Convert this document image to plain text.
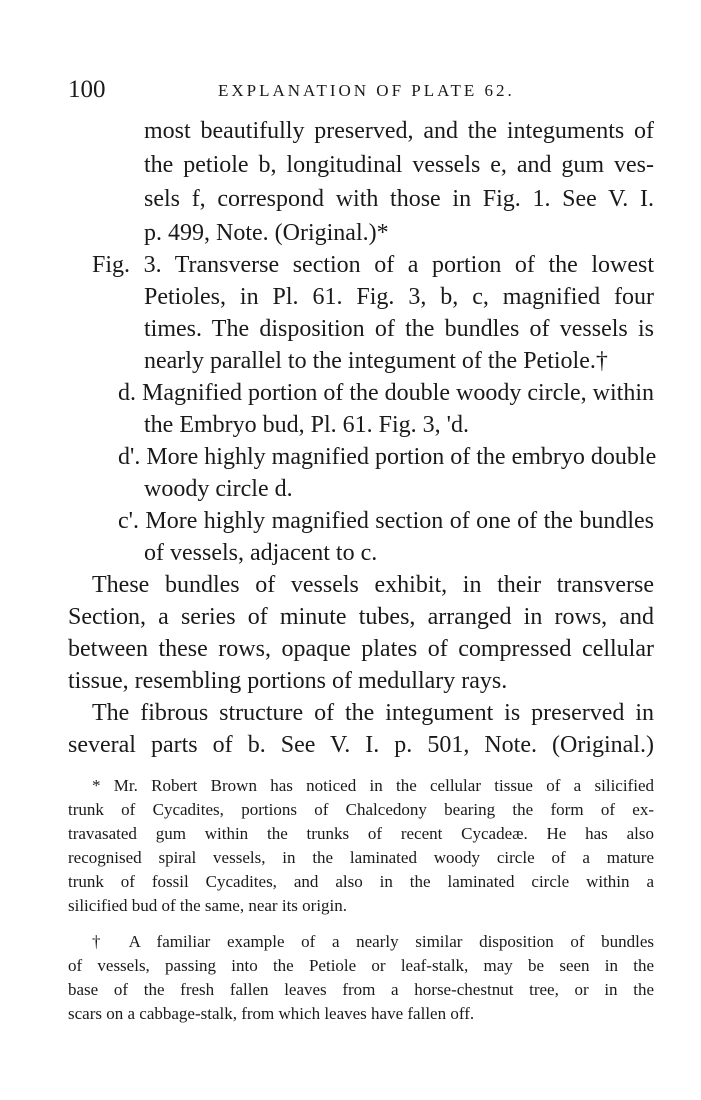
100	EXPLANATION OF PLATE 62.
most beautifully preserved, and the integuments of
the petiole b, longitudinal vessels e, and gum ves-
sels f, correspond with those in Fig. 1. See V. I.
p. 499, Note. (Original.)*
Fig. 3. Transverse section of a portion of the lowest
Petioles, in Pl. 61. Fig. 3, b, c, magnified four
times. The disposition of the bundles of vessels is
nearly parallel to the integument of the Petiole.†
d. Magnified portion of the double woody circle, within
the Embryo bud, Pl. 61. Fig. 3, 'd.
d'. More highly magnified portion of the embryo double
woody circle d.
c'. More highly magnified section of one of the bundles
of vessels, adjacent to c.
These bundles of vessels exhibit, in their transverse
Section, a series of minute tubes, arranged in rows, and
between these rows, opaque plates of compressed cellular
tissue, resembling portions of medullary rays.
The fibrous structure of the integument is preserved in
several parts of b. See V. I. p. 501, Note. (Original.)
* Mr. Robert Brown has noticed in the cellular tissue of a silicified
trunk of Cycadites, portions of Chalcedony bearing the form of ex-
travasated gum within the trunks of recent Cycadeæ. He has also
recognised spiral vessels, in the laminated woody circle of a mature
trunk of fossil Cycadites, and also in the laminated circle within a
silicified bud of the same, near its origin.
† A familiar example of a nearly similar disposition of bundles
of vessels, passing into the Petiole or leaf-stalk, may be seen in the
base of the fresh fallen leaves from a horse-chestnut tree, or in the
scars on a cabbage-stalk, from which leaves have fallen off.
